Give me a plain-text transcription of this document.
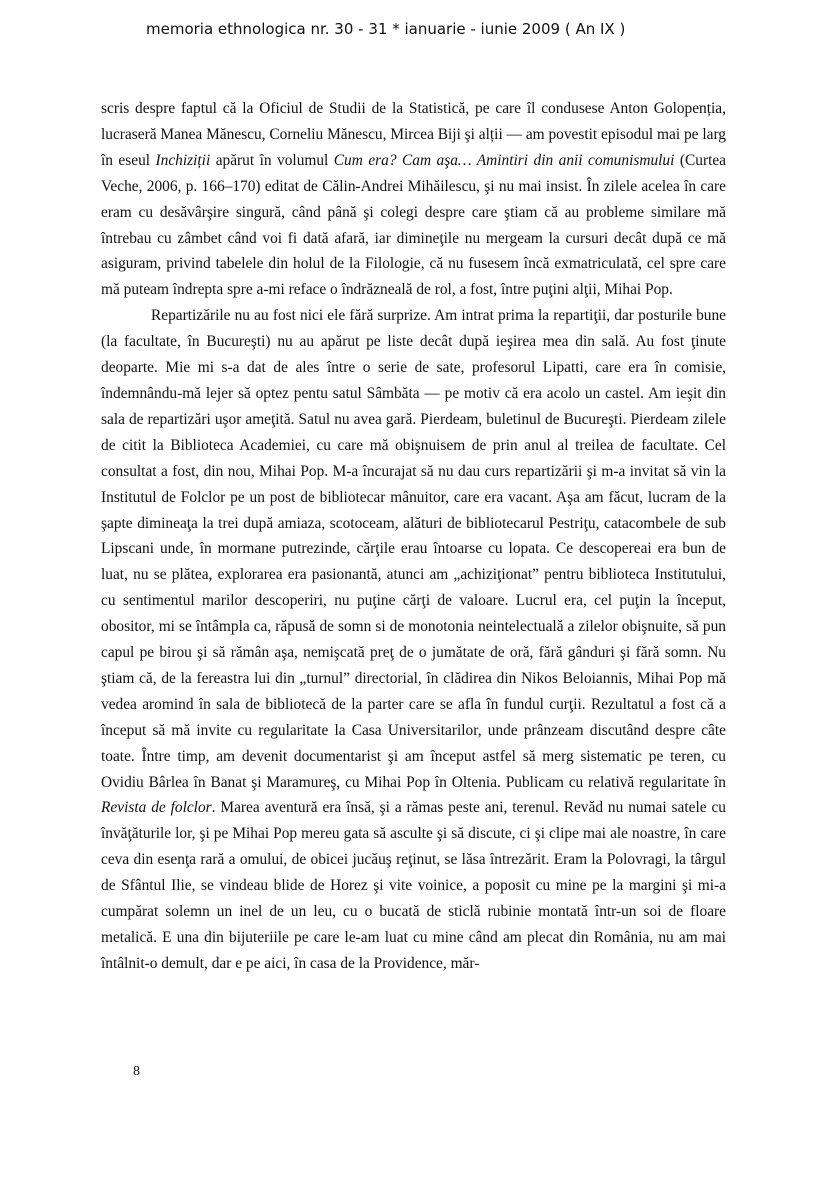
memoria ethnologica nr. 30 - 31 * ianuarie - iunie 2009 ( An IX )

scris despre faptul că la Oficiul de Studii de la Statistică, pe care îl condusese Anton Golopenția, lucraseră Manea Mănescu, Corneliu Mănescu, Mircea Biji şi alții — am povestit episodul mai pe larg în eseul Inchiziții apărut în volumul Cum era? Cam aşa… Amintiri din anii comunismului (Curtea Veche, 2006, p. 166–170) editat de Călin-Andrei Mihăilescu, şi nu mai insist. În zilele acelea în care eram cu desăvârşire singură, când până şi colegi despre care ştiam că au probleme similare mă întrebau cu zâmbet când voi fi dată afară, iar dimineţile nu mergeam la cursuri decât după ce mă asiguram, privind tabelele din holul de la Filologie, că nu fusesem încă exmatriculată, cel spre care mă puteam îndrepta spre a-mi reface o îndrăzneală de rol, a fost, între puţini alţii, Mihai Pop.

Repartizările nu au fost nici ele fără surprize. Am intrat prima la repartiţii, dar posturile bune (la facultate, în Bucureşti) nu au apărut pe liste decât după ieşirea mea din sală. Au fost ţinute deoparte. Mie mi s-a dat de ales între o serie de sate, profesorul Lipatti, care era în comisie, îndemnându-mă lejer să optez pentu satul Sâmbăta — pe motiv că era acolo un castel. Am ieşit din sala de repartizări uşor ameţită. Satul nu avea gară. Pierdeam, buletinul de Bucureşti. Pierdeam zilele de citit la Biblioteca Academiei, cu care mă obişnuisem de prin anul al treilea de facultate. Cel consultat a fost, din nou, Mihai Pop. M-a încurajat să nu dau curs repartizării şi m-a invitat să vin la Institutul de Folclor pe un post de bibliotecar mânuitor, care era vacant. Aşa am făcut, lucram de la şapte dimineaţa la trei după amiaza, scotoceam, alături de bibliotecarul Pestriţu, catacombele de sub Lipscani unde, în mormane putrezinde, cărţile erau întoarse cu lopata. Ce descopereai era bun de luat, nu se plătea, explorarea era pasionantă, atunci am „achiziţionat” pentru biblioteca Institutului, cu sentimentul marilor descoperiri, nu puţine cărţi de valoare. Lucrul era, cel puţin la început, obositor, mi se întâmpla ca, răpusă de somn si de monotonia neintelectuală a zilelor obişnuite, să pun capul pe birou şi să rămân aşa, nemişcată preţ de o jumătate de oră, fără gânduri şi fără somn. Nu ştiam că, de la fereastra lui din „turnul” directorial, în clădirea din Nikos Beloiannis, Mihai Pop mă vedea aromind în sala de bibliotecă de la parter care se afla în fundul curţii. Rezultatul a fost că a început să mă invite cu regularitate la Casa Universitarilor, unde prânzeam discutând despre câte toate. Între timp, am devenit documentarist şi am început astfel să merg sistematic pe teren, cu Ovidiu Bârlea în Banat şi Maramureş, cu Mihai Pop în Oltenia. Publicam cu relativă regularitate în Revista de folclor. Marea aventură era însă, şi a rămas peste ani, terenul. Revăd nu numai satele cu învăţăturile lor, şi pe Mihai Pop mereu gata să asculte şi să discute, ci şi clipe mai ale noastre, în care ceva din esenţa rară a omului, de obicei jucăuş reţinut, se lăsa întrezărit. Eram la Polovragi, la târgul de Sfântul Ilie, se vindeau blide de Horez şi vite voinice, a poposit cu mine pe la margini şi mi-a cumpărat solemn un inel de un leu, cu o bucată de sticlă rubinie montată într-un soi de floare metalică. E una din bijuteriile pe care le-am luat cu mine când am plecat din România, nu am mai întâlnit-o demult, dar e pe aici, în casa de la Providence, măr-

8
